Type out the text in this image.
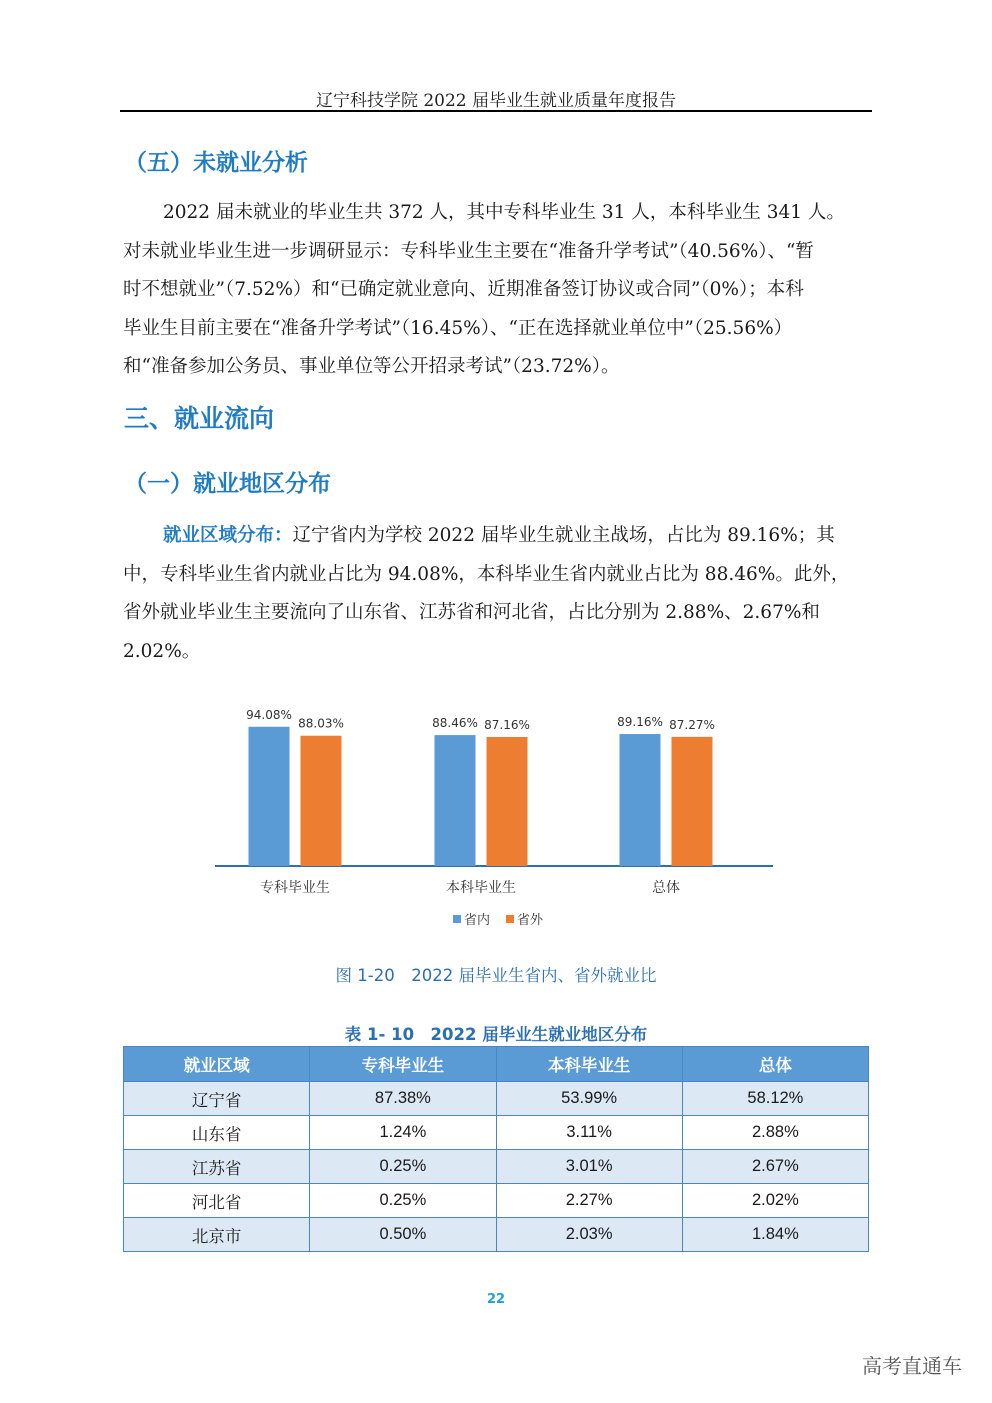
辽宁科技学院 2022 届毕业生就业质量年度报告
（五）未就业分析
2022 届未就业的毕业生共 372 人，其中专科毕业生 31 人，本科毕业生 341 人。
对未就业毕业生进一步调研显示：专科毕业生主要在“准备升学考试”（40.56%）、“暂
时不想就业”（7.52%）和“已确定就业意向、近期准备签订协议或合同”（0%）；本科
毕业生目前主要在“准备升学考试”（16.45%）、“正在选择就业单位中”（25.56%）
和“准备参加公务员、事业单位等公开招录考试”（23.72%）。
三、就业流向
（一）就业地区分布
就业区域分布：辽宁省内为学校 2022 届毕业生就业主战场，占比为 89.16%；其
中，专科毕业生省内就业占比为 94.08%，本科毕业生省内就业占比为 88.46%。此外，
省外就业毕业生主要流向了山东省、江苏省和河北省，占比分别为 2.88%、2.67%和
2.02%。
94.08%
88.46%	89.16%
88.03%	87.16%	87.27%
专科毕业生	本科毕业生	总体
省内 省外
图 1-20　2022 届毕业生省内、省外就业比
表 1- 10　2022 届毕业生就业地区分布
就业区域	专科毕业生	本科毕业生	总体
辽宁省	87.38%	53.99%	58.12%
山东省	1.24%	3.11%	2.88%
江苏省	0.25%	3.01%	2.67%
河北省	0.25%	2.27%	2.02%
北京市	0.50%	2.03%	1.84%
22
高考直通车
